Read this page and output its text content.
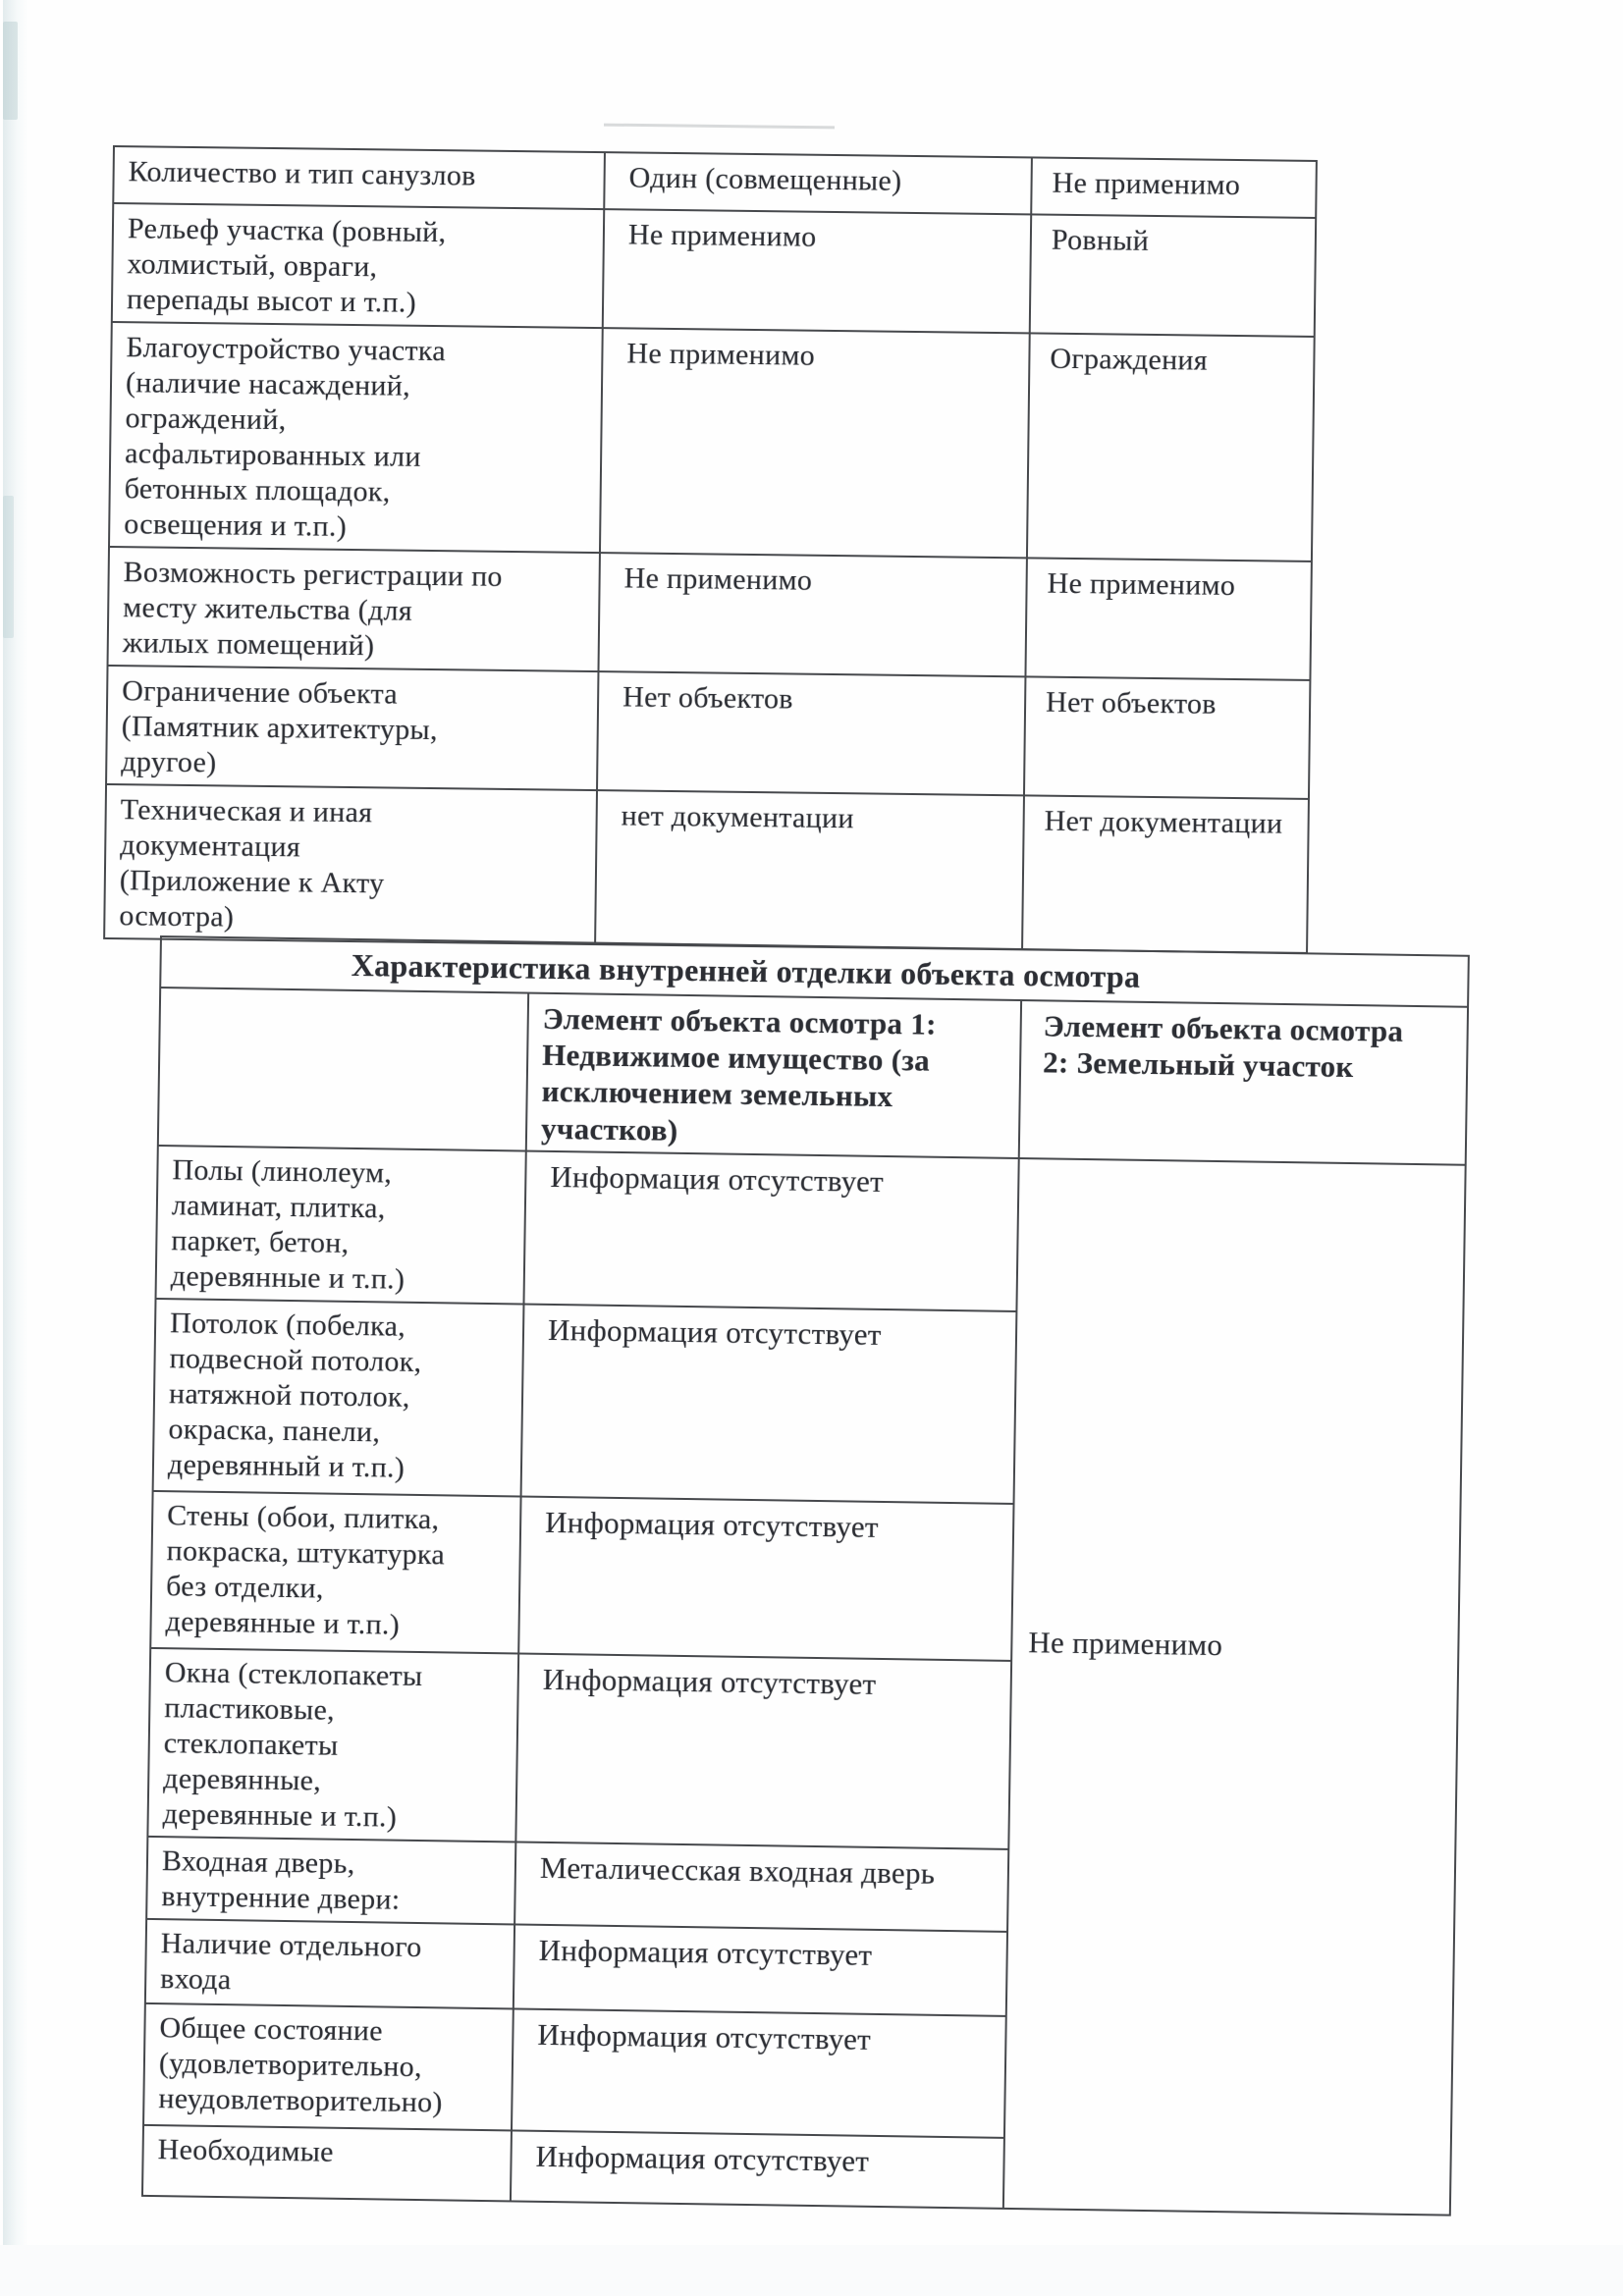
Количество и тип санузлов	Один (совмещенные)	Не применимо
Рельеф участка (ровный,
холмистый, овраги,
перепады высот и т.п.)	Не применимо	Ровный
Благоустройство участка
(наличие насаждений,
ограждений,
асфальтированных или
бетонных площадок,
освещения и т.п.)	Не применимо	Ограждения
Возможность регистрации по
месту жительства (для
жилых помещений)	Не применимо	Не применимо
Ограничение объекта
(Памятник архитектуры,
другое)	Нет объектов	Нет объектов
Техническая и иная
документация
(Приложение к Акту
осмотра)	нет документации	Нет документации
Характеристика внутренней отделки объекта осмотра		
	Элемент объекта осмотра 1:
Недвижимое имущество (за
исключением земельных
участков)	Элемент объекта осмотра
2: Земельный участок
Полы (линолеум,
ламинат, плитка,
паркет, бетон,
деревянные и т.п.)	Информация отсутствует	Не применимо
Потолок (побелка,
подвесной потолок,
натяжной потолок,
окраска, панели,
деревянный и т.п.)	Информация отсутствует	
Стены (обои, плитка,
покраска, штукатурка
без отделки,
деревянные и т.п.)	Информация отсутствует	
Окна (стеклопакеты
пластиковые,
стеклопакеты
деревянные,
деревянные и т.п.)	Информация отсутствует	
Входная дверь,
внутренние двери:	Металичесская входная дверь	
Наличие отдельного
входа	Информация отсутствует	
Общее состояние
(удовлетворительно,
неудовлетворительно)	Информация отсутствует	
Необходимые	Информация отсутствует	
